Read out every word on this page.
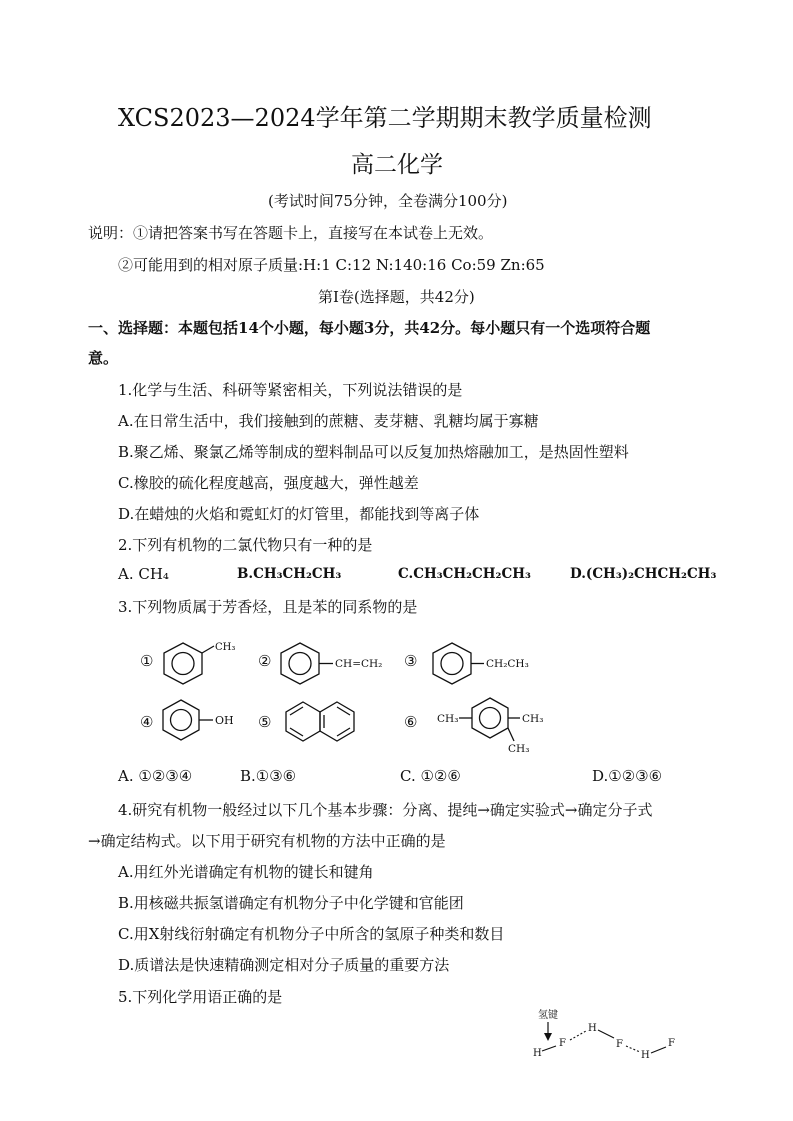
XCS2023—2024学年第二学期期末教学质量检测
高二化学
(考试时间75分钟，全卷满分100分)
说明：①请把答案书写在答题卡上，直接写在本试卷上无效。
②可能用到的相对原子质量:H:1 C:12 N:140:16 Co:59 Zn:65
第Ⅰ卷(选择题，共42分)
一、选择题：本题包括14个小题，每小题3分，共42分。每小题只有一个选项符合题
意。
1.化学与生活、科研等紧密相关，下列说法错误的是
A.在日常生活中，我们接触到的蔗糖、麦芽糖、乳糖均属于寡糖
B.聚乙烯、聚氯乙烯等制成的塑料制品可以反复加热熔融加工，是热固性塑料
C.橡胶的硫化程度越高，强度越大，弹性越差
D.在蜡烛的火焰和霓虹灯的灯管里，都能找到等离子体
2.下列有机物的二氯代物只有一种的是
A. CH₄	B.CH₃CH₂CH₃	C.CH₃CH₂CH₂CH₃	D.(CH₃)₂CHCH₂CH₃
3.下列物质属于芳香烃，且是苯的同系物的是
①
CH₃
②	CH=CH₂ ③	CH₂CH₃
④	OH ⑤	⑥ CH₃	CH₃
CH₃
A. ①②③④	B.①③⑥	C. ①②⑥	D.①②③⑥
4.研究有机物一般经过以下几个基本步骤：分离、提纯→确定实验式→确定分子式
→确定结构式。以下用于研究有机物的方法中正确的是
A.用红外光谱确定有机物的键长和键角
B.用核磁共振氢谱确定有机物分子中化学键和官能团
C.用X射线衍射确定有机物分子中所含的氢原子种类和数目
D.质谱法是快速精确测定相对分子质量的重要方法
5.下列化学用语正确的是
氢键
H
F
H
F
H
F
